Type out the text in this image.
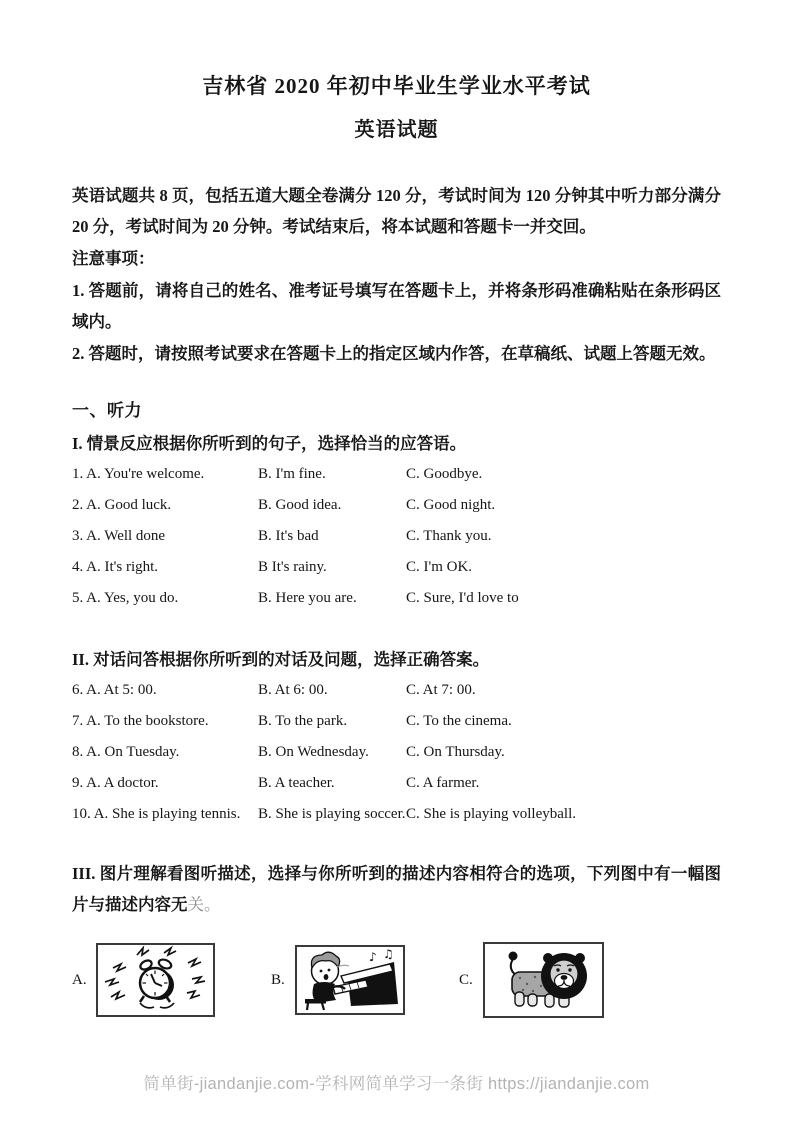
吉林省 2020 年初中毕业生学业水平考试
英语试题

英语试题共 8 页，包括五道大题全卷满分 120 分，考试时间为 120 分钟其中听力部分满分 20 分，考试时间为 20 分钟。考试结束后，将本试题和答题卡一并交回。

注意事项：

1. 答题前，请将自己的姓名、准考证号填写在答题卡上，并将条形码准确粘贴在条形码区域内。

2. 答题时，请按照考试要求在答题卡上的指定区域内作答，在草稿纸、试题上答题无效。

一、听力
I. 情景反应根据你所听到的句子，选择恰当的应答语。
1. A. You're welcome.	B. I'm fine.	C. Goodbye.
2. A. Good luck.	B. Good idea.	C. Good night.
3. A. Well done	B. It's bad	C. Thank you.
4. A. It's right.	B It's rainy.	C. I'm OK.
5. A. Yes, you do.	B. Here you are.	C. Sure, I'd love to
II. 对话问答根据你所听到的对话及问题，选择正确答案。
6. A. At 5: 00.	B. At 6: 00.	C. At 7: 00.
7. A. To the bookstore.	B. To the park.	C. To the cinema.
8. A. On Tuesday.	B. On Wednesday. C. On Thursday.
9. A. A doctor.	B. A teacher.	C. A farmer.
10. A. She is playing tennis. B. She is playing soccer.C. She is playing volleyball.
III. 图片理解看图听描述，选择与你所听到的描述内容相符合的选项，下列图中有一幅图片与描述内容无关。
A.	B.
♪ ♫
C.
简单街-jiandanjie.com-学科网简单学习一条街 https://jiandanjie.com
